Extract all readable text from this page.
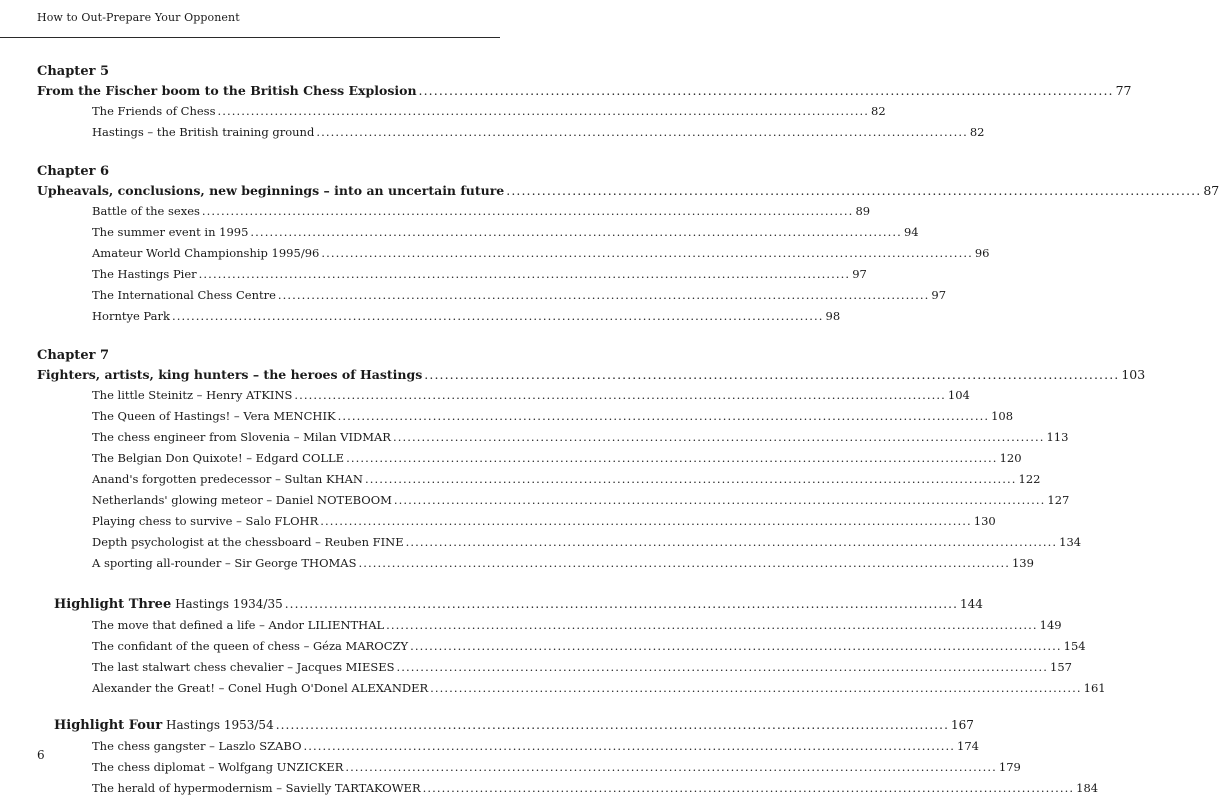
How to Out-Prepare Your Opponent
Chapter 5
From the Fischer boom to the British Chess Explosion .....	77
The Friends of Chess .....	82
Hastings – the British training ground .....	82
Chapter 6
Upheavals, conclusions, new beginnings – into an uncertain future .....	87
Battle of the sexes .....	89
The summer event in 1995 .....	94
Amateur World Championship 1995/96 .....	96
The Hastings Pier .....	97
The International Chess Centre .....	97
Horntye Park .....	98
Chapter 7
Fighters, artists, king hunters – the heroes of Hastings .....	103
The little Steinitz – Henry ATKINS .....	104
The Queen of Hastings! – Vera MENCHIK .....	108
The chess engineer from Slovenia – Milan VIDMAR .....	113
The Belgian Don Quixote! – Edgard COLLE .....	120
Anand's forgotten predecessor – Sultan KHAN .....	122
Netherlands' glowing meteor – Daniel NOTEBOOM .....	127
Playing chess to survive – Salo FLOHR .....	130
Depth psychologist at the chessboard – Reuben FINE .....	134
A sporting all-rounder – Sir George THOMAS .....	139
Highlight Three Hastings 1934/35 .....	144
The move that defined a life – Andor LILIENTHAL .....	149
The confidant of the queen of chess – Géza MAROCZY .....	154
The last stalwart chess chevalier – Jacques MIESES .....	157
Alexander the Great! – Conel Hugh O'Donel ALEXANDER .....	161
Highlight Four Hastings 1953/54 .....	167
The chess gangster – Laszlo SZABO .....	174
The chess diplomat – Wolfgang UNZICKER .....	179
The herald of hypermodernism – Savielly TARTAKOWER .....	184
6
